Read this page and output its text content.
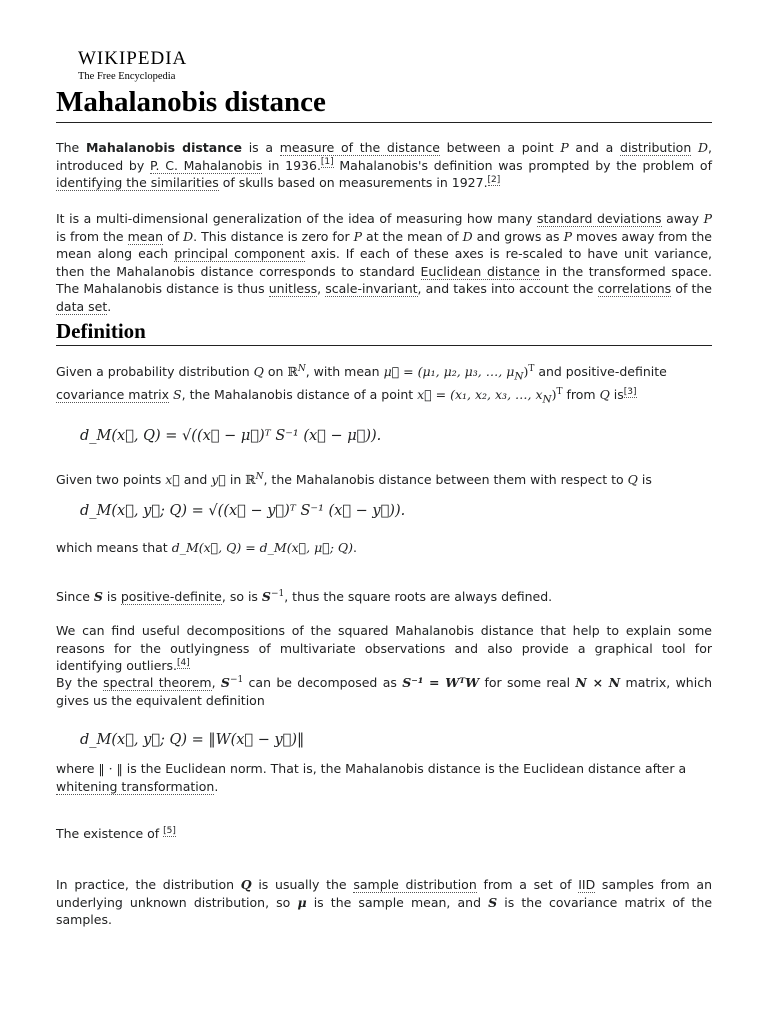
WIKIPEDIA
The Free Encyclopedia
Mahalanobis distance

The Mahalanobis distance is a measure of the distance between a point P and a distribution D, introduced by P. C. Mahalanobis in 1936.[1] Mahalanobis's definition was prompted by the problem of identifying the similarities of skulls based on measurements in 1927.[2]

It is a multi-dimensional generalization of the idea of measuring how many standard deviations away P is from the mean of D. This distance is zero for P at the mean of D and grows as P moves away from the mean along each principal component axis. If each of these axes is re-scaled to have unit variance, then the Mahalanobis distance corresponds to standard Euclidean distance in the transformed space. The Mahalanobis distance is thus unitless, scale-invariant, and takes into account the correlations of the data set.

Definition

Given a probability distribution Q on ℝ$^N$, with mean μ⃗ = (μ₁, μ₂, μ₃, …, $\mu_N)^T$ and positive-definite
covariance matrix S, the Mahalanobis distance of a point x⃗ = (x₁, x₂, x₃, …, $x_N)^T$ from Q is[3]

d_M(x⃗, Q) = √((x⃗ − μ⃗)ᵀ S⁻¹ (x⃗ − μ⃗)).

Given two points x⃗ and y⃗ in ℝ$^N$, the Mahalanobis distance between them with respect to Q is

d_M(x⃗, y⃗; Q) = √((x⃗ − y⃗)ᵀ S⁻¹ (x⃗ − y⃗)).

which means that d_M(x⃗, Q) = d_M(x⃗, μ⃗; Q).

Since S is positive-definite, so is $S^{-1}$, thus the square roots are always defined.

We can find useful decompositions of the squared Mahalanobis distance that help to explain some reasons for the outlyingness of multivariate observations and also provide a graphical tool for identifying outliers.[4]

By the spectral theorem, $S^{-1}$ can be decomposed as S⁻¹ = WᵀW for some real N × N matrix, which gives us the equivalent definition

d_M(x⃗, y⃗; Q) = ‖W(x⃗ − y⃗)‖

where ‖ · ‖ is the Euclidean norm. That is, the Mahalanobis distance is the Euclidean distance after a whitening transformation.

The existence of [5]

In practice, the distribution Q is usually the sample distribution from a set of IID samples from an underlying unknown distribution, so μ is the sample mean, and S is the covariance matrix of the samples.
